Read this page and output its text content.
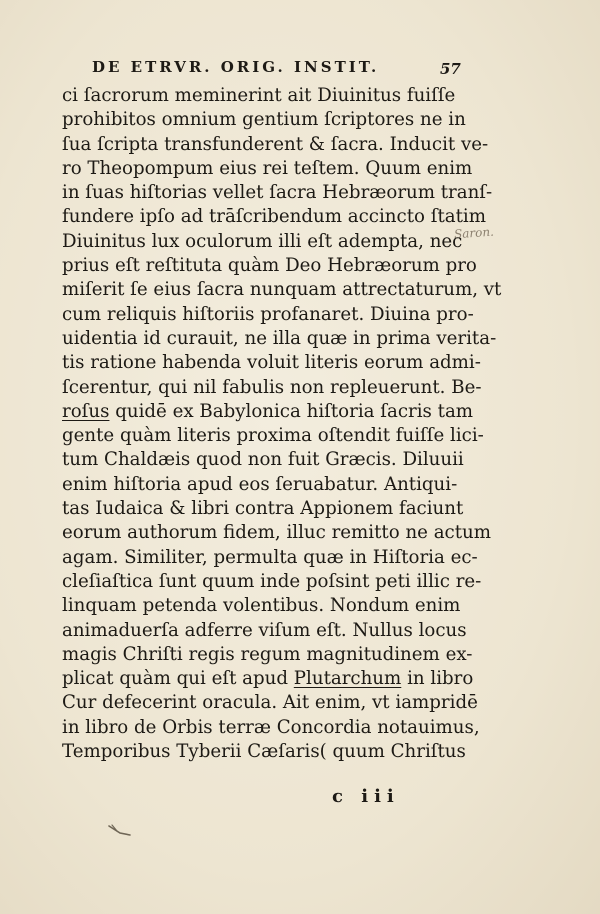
DE ETRVR. ORIG. INSTIT.	57
Saron.
ci ſacrorum meminerint ait Diuinitus fuiſſe
prohibitos omnium gentium ſcriptores ne in
ſua ſcripta transfunderent & ſacra. Inducit ve-
ro Theopompum eius rei teſtem. Quum enim
in ſuas hiſtorias vellet ſacra Hebræorum tranſ-
fundere ipſo ad trāſcribendum accincto ſtatim
Diuinitus lux oculorum illi eſt adempta, nec
prius eſt reſtituta quàm Deo Hebræorum pro
miſerit ſe eius ſacra nunquam attrectaturum, vt
cum reliquis hiſtoriis profanaret. Diuina pro-
uidentia id curauit, ne illa quæ in prima verita-
tis ratione habenda voluit literis eorum admi-
ſcerentur, qui nil fabulis non repleuerunt. Be-
roſus quidē ex Babylonica hiſtoria ſacris tam
gente quàm literis proxima oſtendit fuiſſe lici-
tum Chaldæis quod non fuit Græcis. Diluuii
enim hiſtoria apud eos ſeruabatur. Antiqui-
tas Iudaica & libri contra Appionem faciunt
eorum authorum fidem, illuc remitto ne actum
agam. Similiter, permulta quæ in Hiſtoria ec-
cleſiaſtica ſunt quum inde poſsint peti illic re-
linquam petenda volentibus. Nondum enim
animaduerſa adferre viſum eſt. Nullus locus
magis Chriſti regis regum magnitudinem ex-
plicat quàm qui eſt apud Plutarchum in libro
Cur defecerint oracula. Ait enim, vt iampridē
in libro de Orbis terræ Concordia notauimus,
Temporibus Tyberii Cæſaris( quum Chriſtus
c iii
